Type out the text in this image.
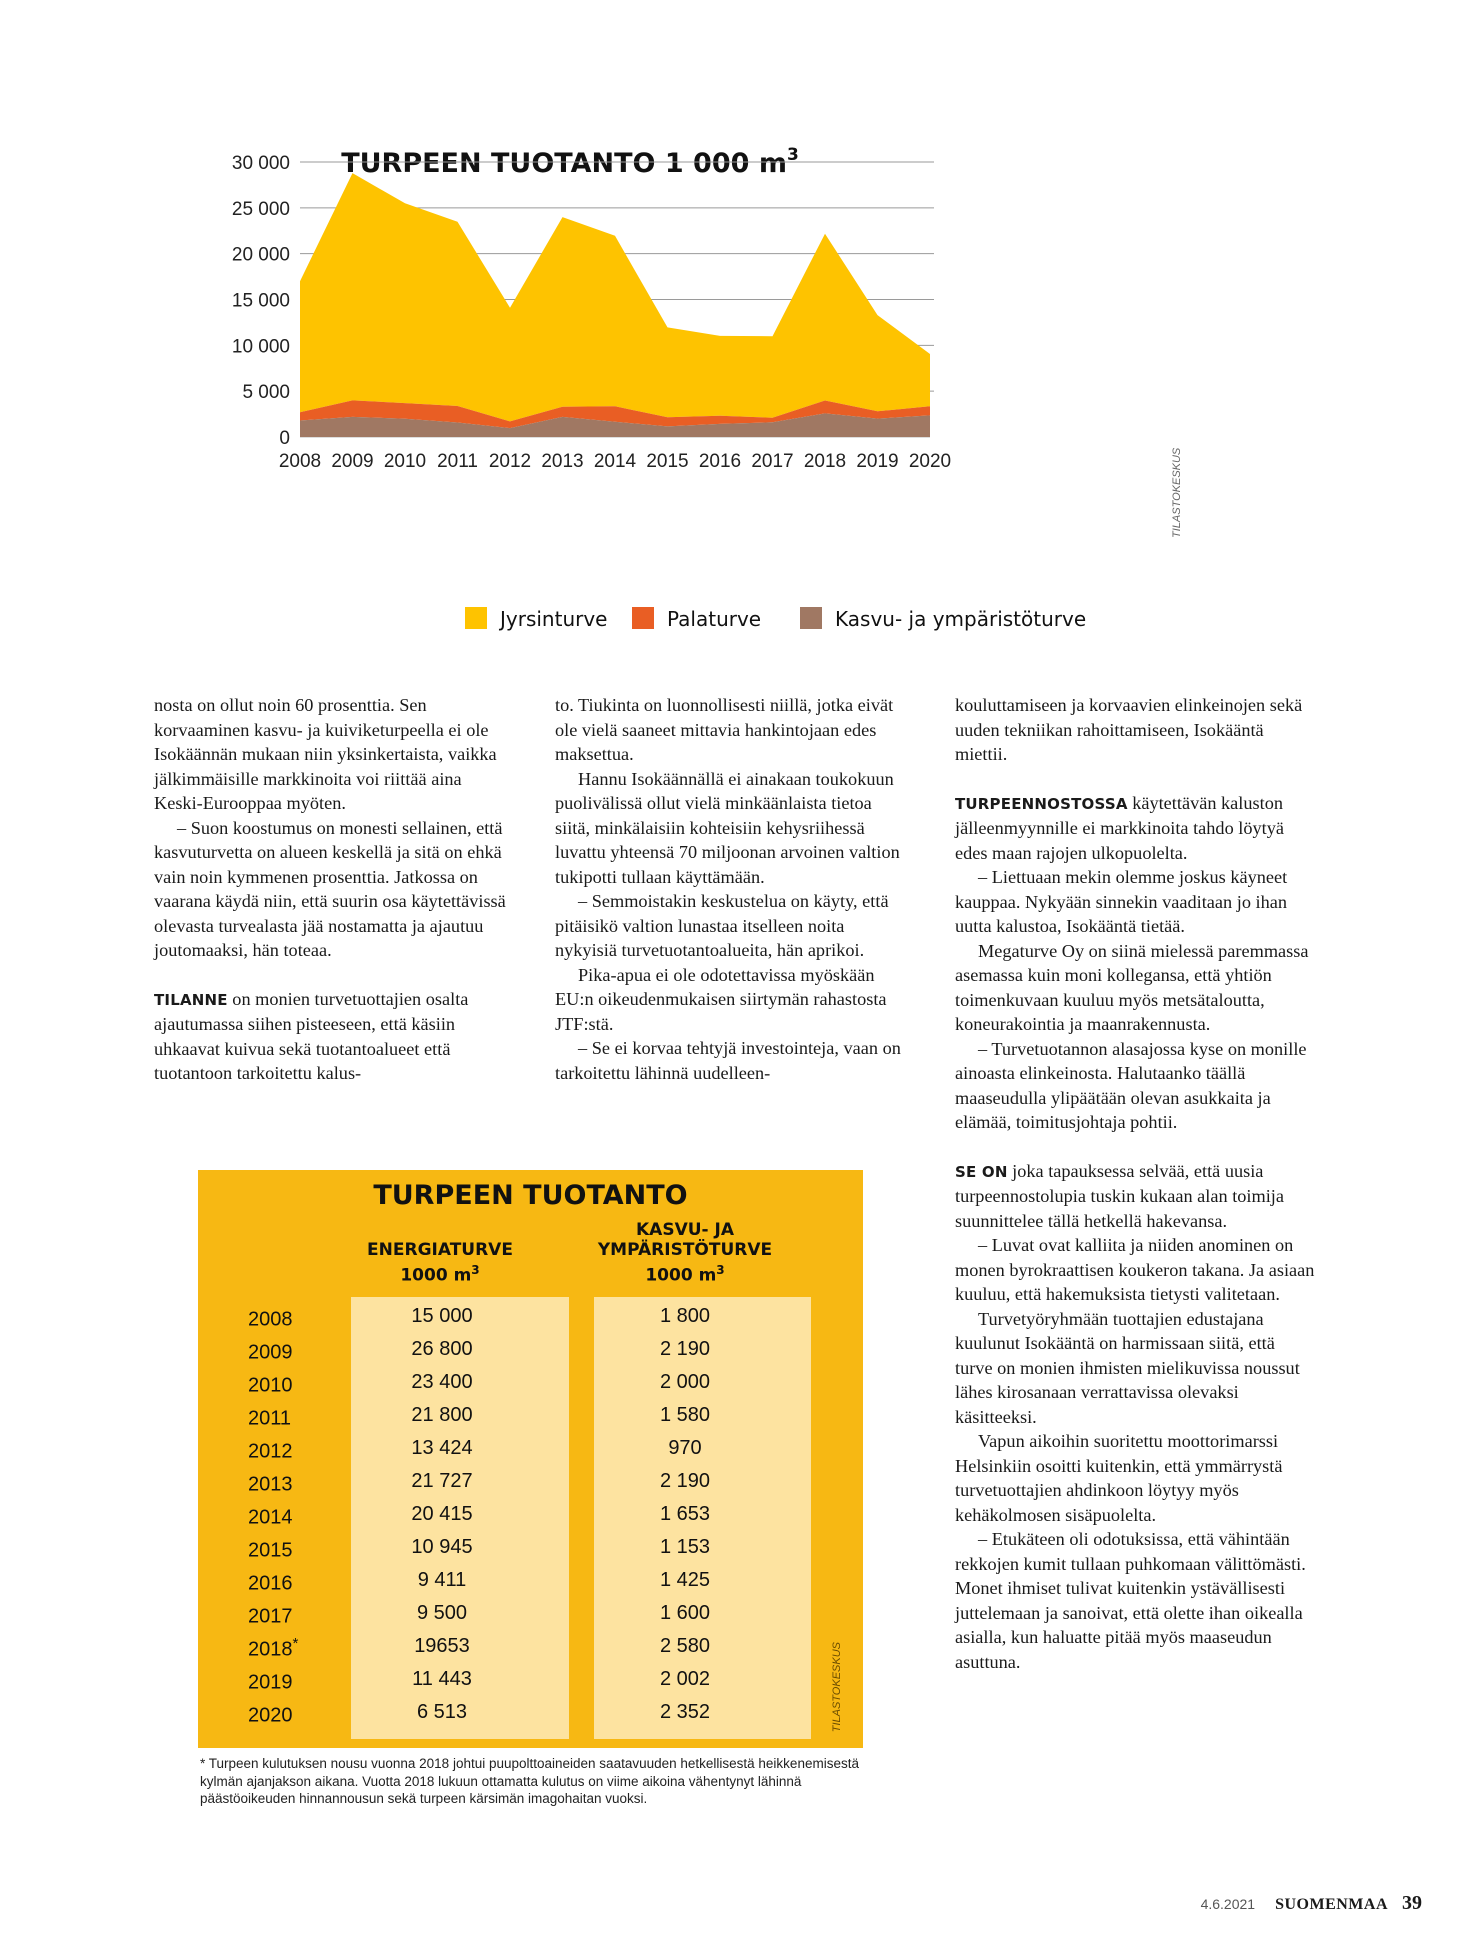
TURPEEN TUOTANTO 1 000 $m^3$
30 000
25 000
20 000
15 000
10 000
5 000
0
2008 2009 2010 2011 2012 2013 2014 2015 2016 2017 2018 2019 2020	TILASTOKESKUS
Jyrsinturve	Palaturve	Kasvu- ja ympäristöturve

nosta on ollut noin 60 prosenttia. Sen korvaaminen kasvu- ja kuiviketurpeella ei ole Isokäännän mukaan niin yksinkertaista, vaikka jälkimmäisille markkinoita voi riittää aina Keski-Eurooppaa myöten.

– Suon koostumus on monesti sellainen, että kasvuturvetta on alueen keskellä ja sitä on ehkä vain noin kymmenen prosenttia. Jatkossa on vaarana käydä niin, että suurin osa käytettävissä olevasta turvealasta jää nostamatta ja ajautuu joutomaaksi, hän toteaa.

TILANNE on monien turvetuottajien osalta ajautumassa siihen pisteeseen, että käsiin uhkaavat kuivua sekä tuotantoalueet että tuotantoon tarkoitettu kalus-

to. Tiukinta on luonnollisesti niillä, jotka eivät ole vielä saaneet mittavia hankintojaan edes maksettua.

Hannu Isokäännällä ei ainakaan toukokuun puolivälissä ollut vielä minkäänlaista tietoa siitä, minkälaisiin kohteisiin kehysriihessä luvattu yhteensä 70 miljoonan arvoinen valtion tukipotti tullaan käyttämään.

– Semmoistakin keskustelua on käyty, että pitäisikö valtion lunastaa itselleen noita nykyisiä turvetuotantoalueita, hän aprikoi.

Pika-apua ei ole odotettavissa myöskään EU:n oikeudenmukaisen siirtymän rahastosta JTF:stä.

– Se ei korvaa tehtyjä investointeja, vaan on tarkoitettu lähinnä uudelleen-

kouluttamiseen ja korvaavien elinkeinojen sekä uuden tekniikan rahoittamiseen, Isokääntä miettii.

TURPEENNOSTOSSA käytettävän kaluston jälleenmyynnille ei markkinoita tahdo löytyä edes maan rajojen ulkopuolelta.

– Liettuaan mekin olemme joskus käyneet kauppaa. Nykyään sinnekin vaaditaan jo ihan uutta kalustoa, Isokääntä tietää.

Megaturve Oy on siinä mielessä paremmassa asemassa kuin moni kollegansa, että yhtiön toimenkuvaan kuuluu myös metsätaloutta, koneurakointia ja maanrakennusta.

– Turvetuotannon alasajossa kyse on monille ainoasta elinkeinosta. Halutaanko täällä maaseudulla ylipäätään olevan asukkaita ja elämää, toimitusjohtaja pohtii.

SE ON joka tapauksessa selvää, että uusia turpeennostolupia tuskin kukaan alan toimija suunnittelee tällä hetkellä hakevansa.

– Luvat ovat kalliita ja niiden anominen on monen byrokraattisen koukeron takana. Ja asiaan kuuluu, että hakemuksista tietysti valitetaan.

Turvetyöryhmään tuottajien edustajana kuulunut Isokääntä on harmissaan siitä, että turve on monien ihmisten mielikuvissa noussut lähes kirosanaan verrattavissa olevaksi käsitteeksi.

Vapun aikoihin suoritettu moottorimarssi Helsinkiin osoitti kuitenkin, että ymmärrystä turvetuottajien ahdinkoon löytyy myös kehäkolmosen sisäpuolelta.

– Etukäteen oli odotuksissa, että vähintään rekkojen kumit tullaan puhkomaan välittömästi. Monet ihmiset tulivat kuitenkin ystävällisesti juttelemaan ja sanoivat, että olette ihan oikealla asialla, kun haluatte pitää myös maaseudun asuttuna.

TURPEEN TUOTANTO
ENERGIATURVE
1000 $m^3$
KASVU- JA
YMPÄRISTÖTURVE
1000 $m^3$
2008	15 000	1 800
2009	26 800	2 190
2010	23 400	2 000
2011	21 800	1 580
2012	13 424	970
2013	21 727	2 190
2014	20 415	1 653
2015	10 945	1 153
2016	9 411	1 425
2017	9 500	1 600
2018*	19653	2 580
2019	11 443	2 002
2020	6 513	2 352	TILASTOKESKUS
* Turpeen kulutuksen nousu vuonna 2018 johtui puupolttoaineiden saatavuuden hetkellisestä heikkenemisestä kylmän ajanjakson aikana. Vuotta 2018 lukuun ottamatta kulutus on viime aikoina vähentynyt lähinnä päästöoikeuden hinnannousun sekä turpeen kärsimän imagohaitan vuoksi.
4.6.2021 SUOMENMAA 39
